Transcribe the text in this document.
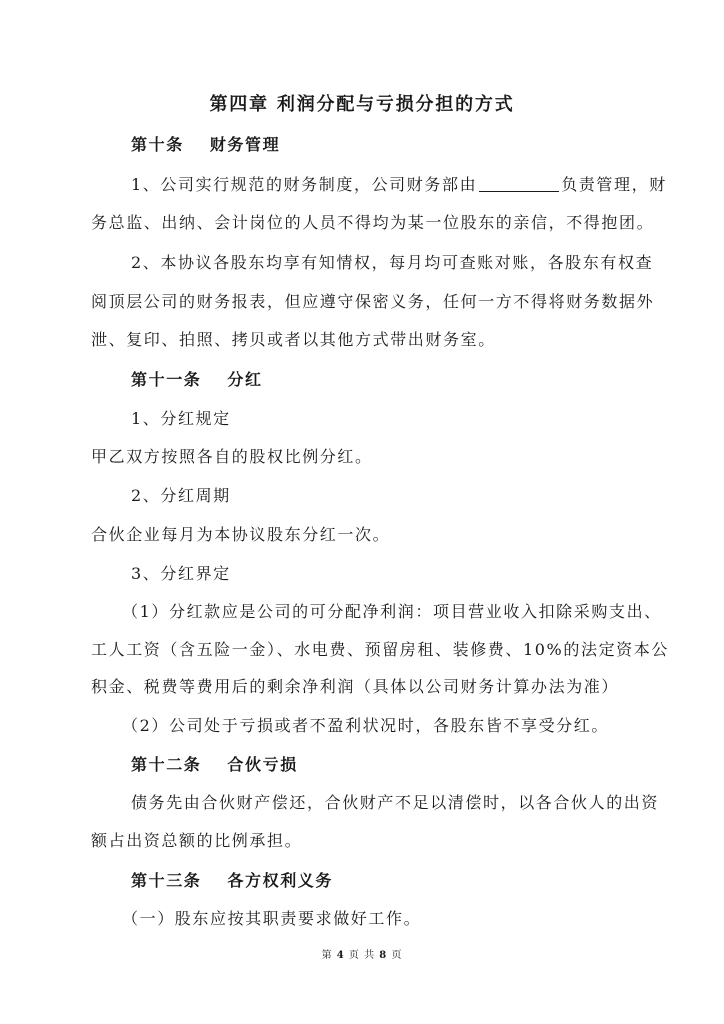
第四章 利润分配与亏损分担的方式
第十条 财务管理
1、公司实行规范的财务制度，公司财务部由	负责管理，财
务总监、出纳、会计岗位的人员不得均为某一位股东的亲信，不得抱团。
2、本协议各股东均享有知情权，每月均可查账对账，各股东有权查
阅顶层公司的财务报表，但应遵守保密义务，任何一方不得将财务数据外
泄、复印、拍照、拷贝或者以其他方式带出财务室。
第十一条 分红
1、分红规定
甲乙双方按照各自的股权比例分红。
2、分红周期
合伙企业每月为本协议股东分红一次。
3、分红界定
（1）分红款应是公司的可分配净利润：项目营业收入扣除采购支出、
工人工资（含五险一金）、水电费、预留房租、装修费、10%的法定资本公
积金、税费等费用后的剩余净利润（具体以公司财务计算办法为准）
（2）公司处于亏损或者不盈利状况时，各股东皆不享受分红。
第十二条 合伙亏损
债务先由合伙财产偿还，合伙财产不足以清偿时，以各合伙人的出资
额占出资总额的比例承担。
第十三条 各方权利义务
（一）股东应按其职责要求做好工作。
第 4 页 共 8 页
